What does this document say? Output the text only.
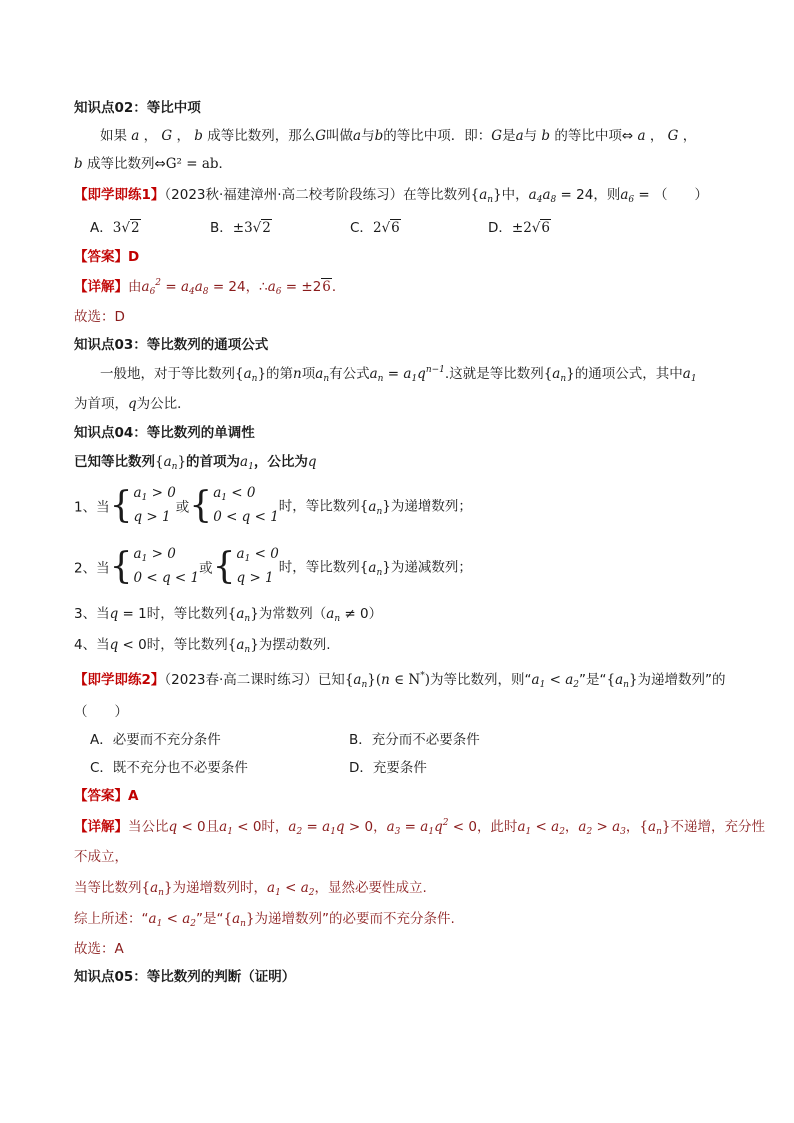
知识点02：等比中项
如果 a ， G ， b 成等比数列，那么G叫做a与b的等比中项．即：G是a与 b 的等比中项⇔ a ， G ，
b 成等比数列⇔G² = ab．
【即学即练1】（2023秋·福建漳州·高二校考阶段练习）在等比数列$\{a_n\}$中，$a_4a_8 = 24$，则$a_6$ = （　　）
A．3√2	B．±3√2	C．2√6	D．±2√6
【答案】D
【详解】由$a_6^2 = a_4a_8 = 24$，$\therefore a_6 = \pm 26$．
故选：D
知识点03：等比数列的通项公式
一般地，对于等比数列$\{a_n\}$的第n项$a_n$有公式$a_n = a_1q^{n-1}$.这就是等比数列$\{a_n\}$的通项公式，其中$a_1$
为首项，q为公比．
知识点04：等比数列的单调性
已知等比数列$\{a_n\}$的首项为$a_1$，公比为q
1、当 { $a_1 > 0$
q > 1
或 { $a_1 < 0$
0 < q < 1
时，等比数列$\{a_n\}$为递增数列；
2、当 { $a_1 > 0$
0 < q < 1
或 { $a_1 < 0$
q > 1
时，等比数列$\{a_n\}$为递减数列；
3、当q = 1时，等比数列$\{a_n\}$为常数列$(a_n \ne 0)$
4、当q < 0时，等比数列$\{a_n\}$为摆动数列.
【即学即练2】（2023春·高二课时练习）已知$\{a_n\}(n$ ∈ N*)为等比数列，则“$a_1 < a_2$”是“$\{a_n\}$为递增数列”的
（　　）
A．必要而不充分条件	B．充分而不必要条件
C．既不充分也不必要条件	D．充要条件
【答案】A
【详解】当公比q < 0且$a_1 < 0$时，$a_2 = a_1q > 0$，$a_3 = a_1q^2 < 0$，此时$a_1 < a_2$，$a_2 > a_3$，$\{a_n\}$不递增，充分性
不成立，
当等比数列$\{a_n\}$为递增数列时，$a_1 < a_2$，显然必要性成立.
综上所述：“$a_1 < a_2$”是“$\{a_n\}$为递增数列”的必要而不充分条件.
故选：A
知识点05：等比数列的判断（证明）
